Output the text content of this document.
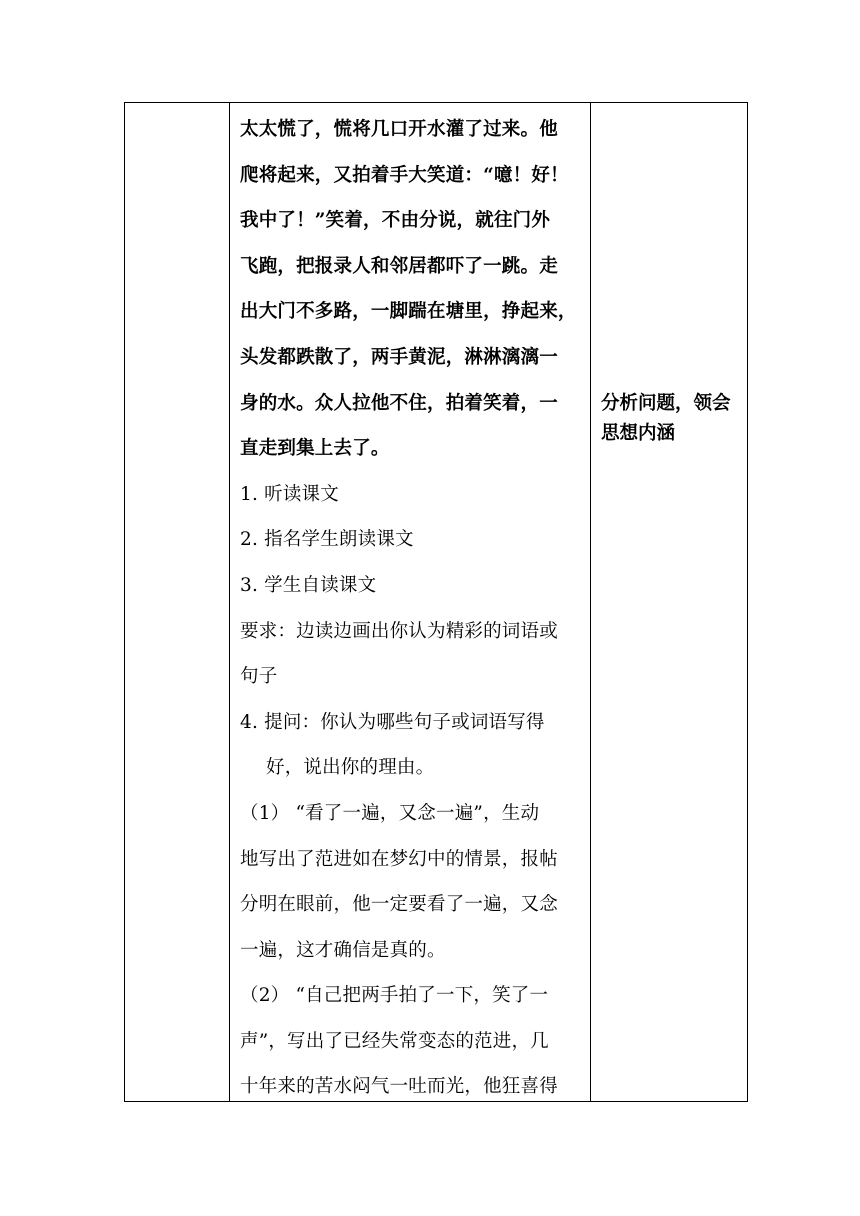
太太慌了，慌将几口开水灌了过来。他
爬将起来，又拍着手大笑道：“噫！好！
我中了！”笑着，不由分说，就往门外
飞跑，把报录人和邻居都吓了一跳。走
出大门不多路，一脚踹在塘里，挣起来，
头发都跌散了，两手黄泥，淋淋漓漓一
身的水。众人拉他不住，拍着笑着，一
直走到集上去了。
1. 听读课文
2. 指名学生朗读课文
3. 学生自读课文
要求：边读边画出你认为精彩的词语或
句子
4. 提问：你认为哪些句子或词语写得
好，说出你的理由。
（1） “看了一遍，又念一遍”，生动
地写出了范进如在梦幻中的情景，报帖
分明在眼前，他一定要看了一遍，又念
一遍，这才确信是真的。
（2） “自己把两手拍了一下，笑了一
声”，写出了已经失常变态的范进，几
十年来的苦水闷气一吐而光，他狂喜得
分析问题，领会
思想内涵
